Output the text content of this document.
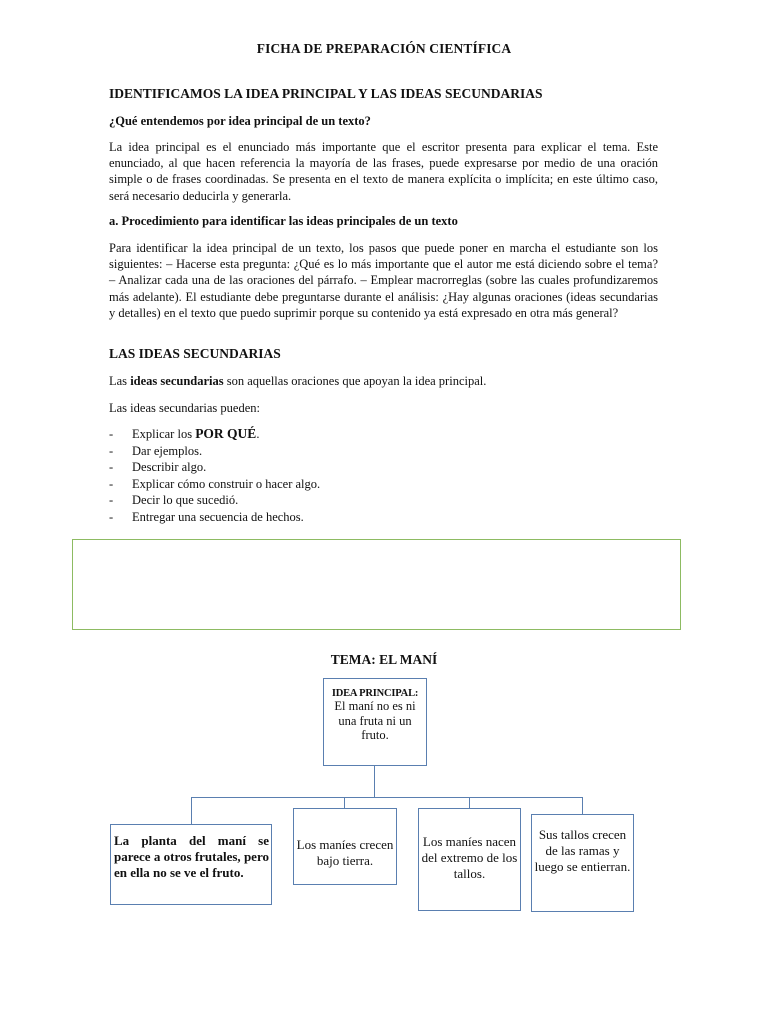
FICHA DE PREPARACIÓN CIENTÍFICA
IDENTIFICAMOS LA IDEA PRINCIPAL Y LAS IDEAS SECUNDARIAS
¿Qué entendemos por idea principal de un texto?
La idea principal es el enunciado más importante que el escritor presenta para explicar el tema. Este enunciado, al que hacen referencia la mayoría de las frases, puede expresarse por medio de una oración simple o de frases coordinadas. Se presenta en el texto de manera explícita o implícita; en este último caso, será necesario deducirla y generarla.
a. Procedimiento para identificar las ideas principales de un texto
Para identificar la idea principal de un texto, los pasos que puede poner en marcha el estudiante son los siguientes: – Hacerse esta pregunta: ¿Qué es lo más importante que el autor me está diciendo sobre el tema? – Analizar cada una de las oraciones del párrafo. – Emplear macrorreglas (sobre las cuales profundizaremos más adelante). El estudiante debe preguntarse durante el análisis: ¿Hay algunas oraciones (ideas secundarias y detalles) en el texto que puedo suprimir porque su contenido ya está expresado en otra más general?
LAS IDEAS SECUNDARIAS
Las ideas secundarias son aquellas oraciones que apoyan la idea principal.
Las ideas secundarias pueden:
- Explicar los POR QUÉ.
- Dar ejemplos.
- Describir algo.
- Explicar cómo construir o hacer algo.
- Decir lo que sucedió.
- Entregar una secuencia de hechos.
TEMA: EL MANÍ
IDEA PRINCIPAL:
El maní no es ni una fruta ni un fruto.
La planta del maní se parece a otros frutales, pero en ella no se ve el fruto.
Los maníes crecen bajo tierra.
Los maníes nacen del extremo de los tallos.
Sus tallos crecen de las ramas y luego se entierran.
